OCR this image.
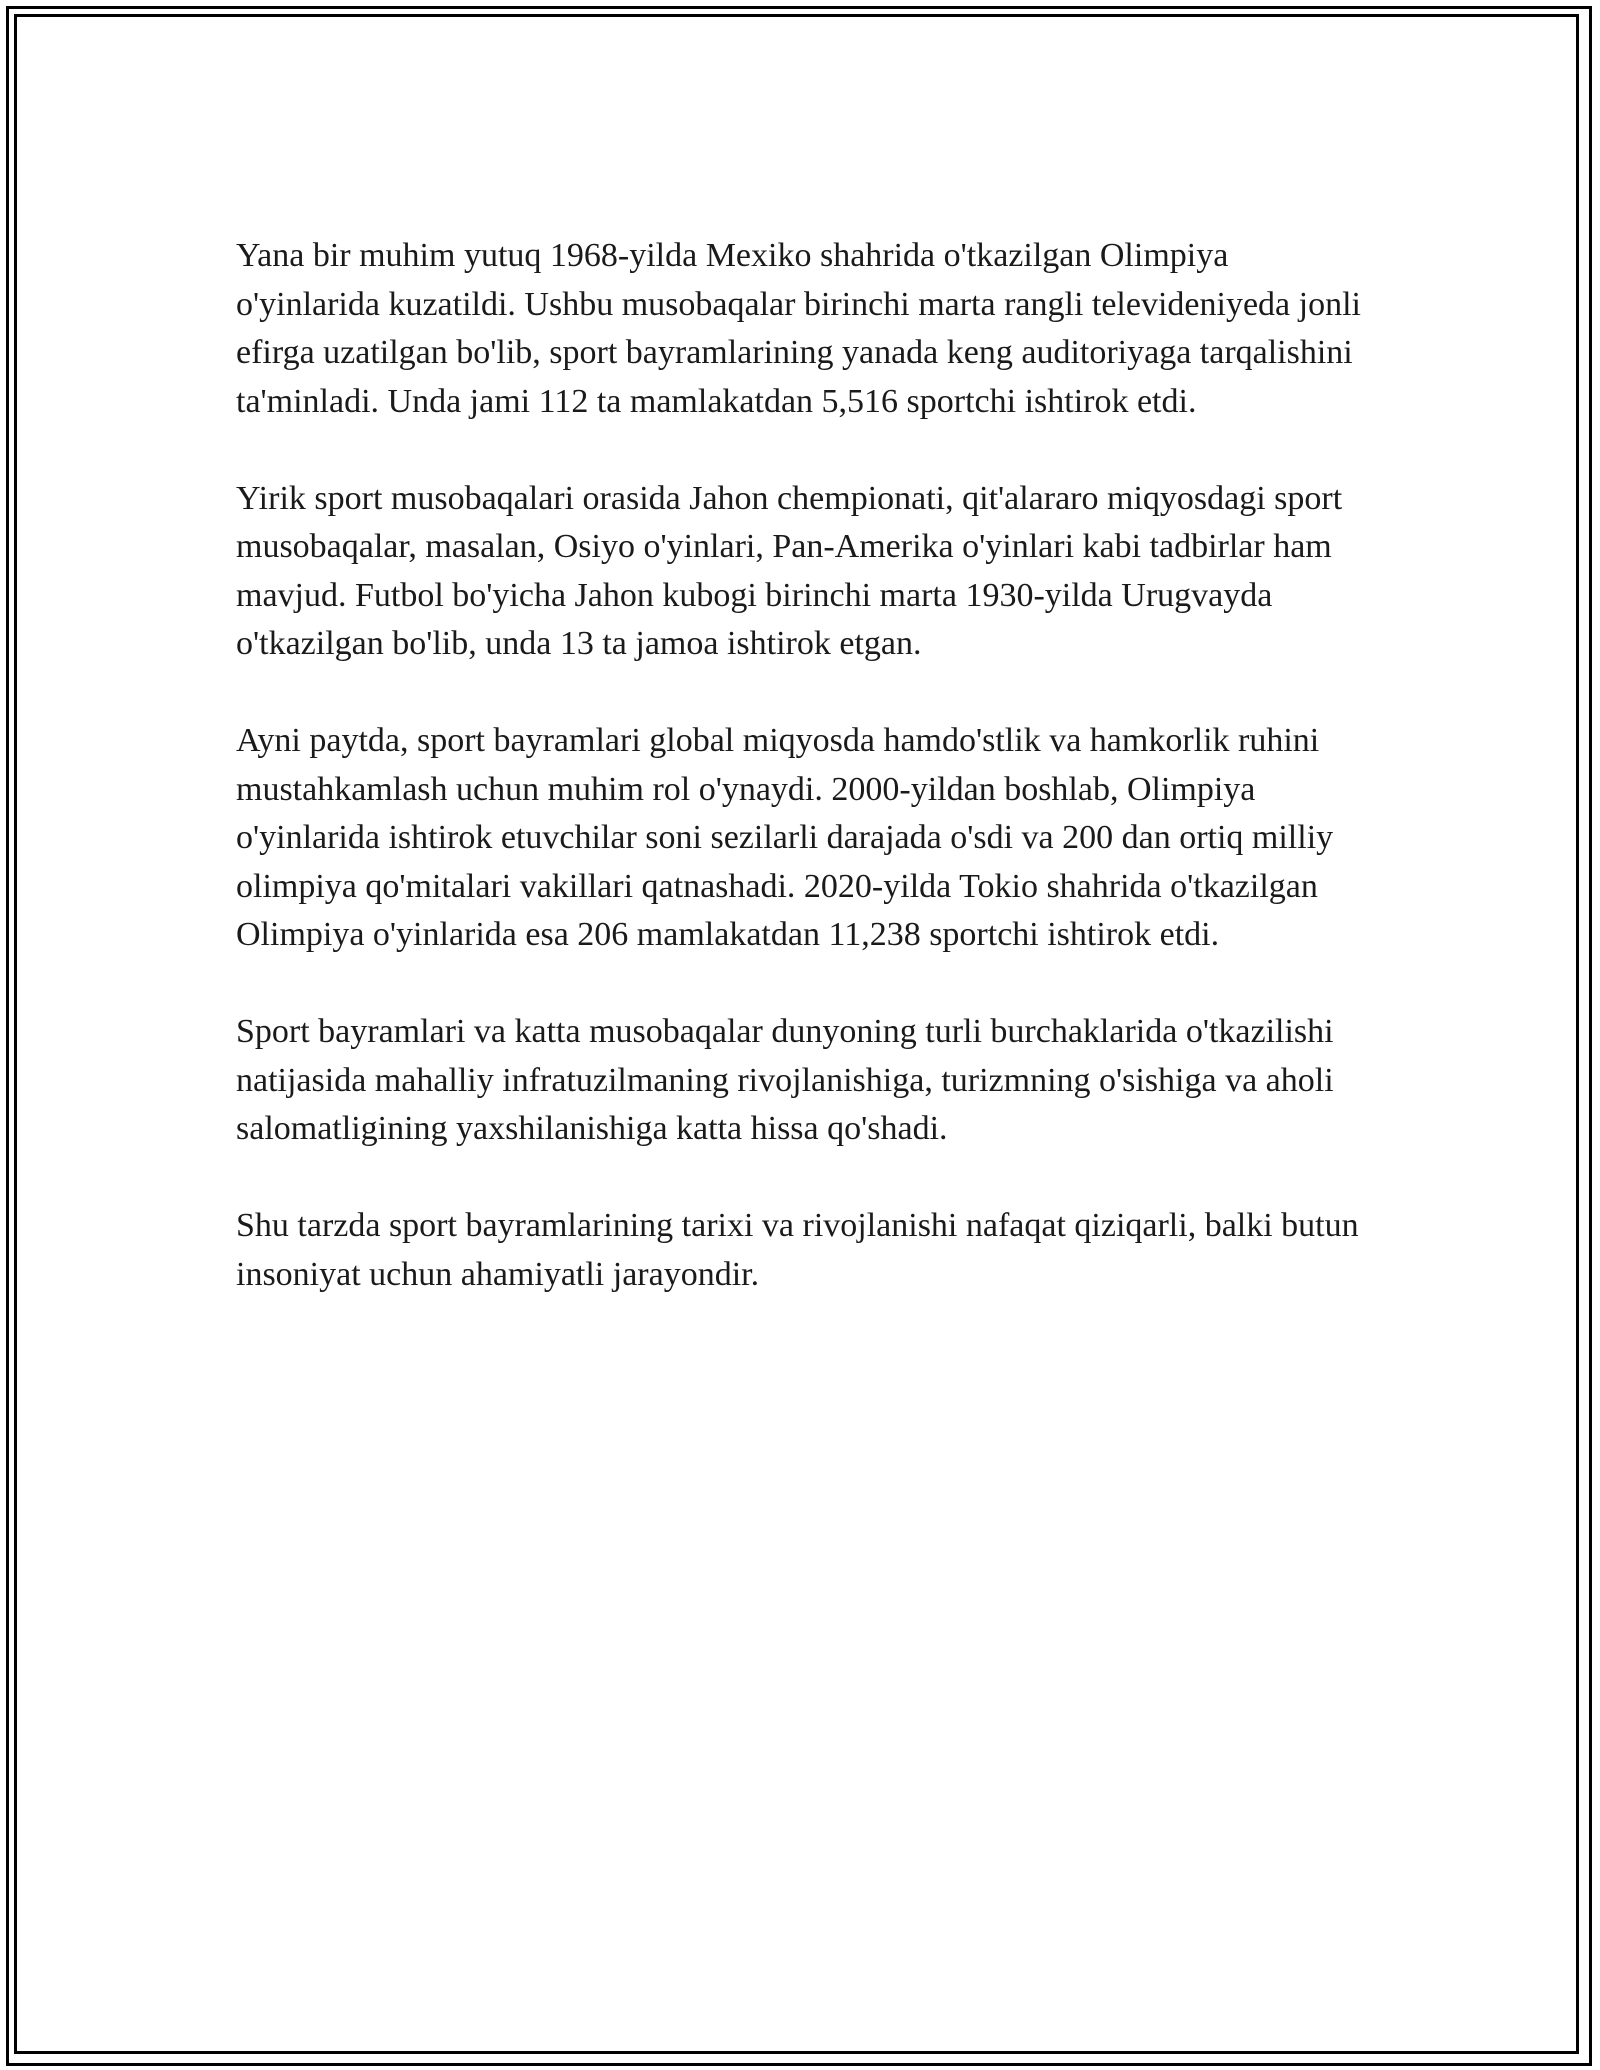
Yana bir muhim yutuq 1968-yilda Mexiko shahrida o'tkazilgan Olimpiya o'yinlarida kuzatildi. Ushbu musobaqalar birinchi marta rangli televideniyeda jonli efirga uzatilgan bo'lib, sport bayramlarining yanada keng auditoriyaga tarqalishini ta'minladi. Unda jami 112 ta mamlakatdan 5,516 sportchi ishtirok etdi.

Yirik sport musobaqalari orasida Jahon chempionati, qit'alararo miqyosdagi sport musobaqalar, masalan, Osiyo o'yinlari, Pan-Amerika o'yinlari kabi tadbirlar ham mavjud. Futbol bo'yicha Jahon kubogi birinchi marta 1930-yilda Urugvayda o'tkazilgan bo'lib, unda 13 ta jamoa ishtirok etgan.

Ayni paytda, sport bayramlari global miqyosda hamdo'stlik va hamkorlik ruhini mustahkamlash uchun muhim rol o'ynaydi. 2000-yildan boshlab, Olimpiya o'yinlarida ishtirok etuvchilar soni sezilarli darajada o'sdi va 200 dan ortiq milliy olimpiya qo'mitalari vakillari qatnashadi. 2020-yilda Tokio shahrida o'tkazilgan Olimpiya o'yinlarida esa 206 mamlakatdan 11,238 sportchi ishtirok etdi.

Sport bayramlari va katta musobaqalar dunyoning turli burchaklarida o'tkazilishi natijasida mahalliy infratuzilmaning rivojlanishiga, turizmning o'sishiga va aholi salomatligining yaxshilanishiga katta hissa qo'shadi.

Shu tarzda sport bayramlarining tarixi va rivojlanishi nafaqat qiziqarli, balki butun insoniyat uchun ahamiyatli jarayondir.
